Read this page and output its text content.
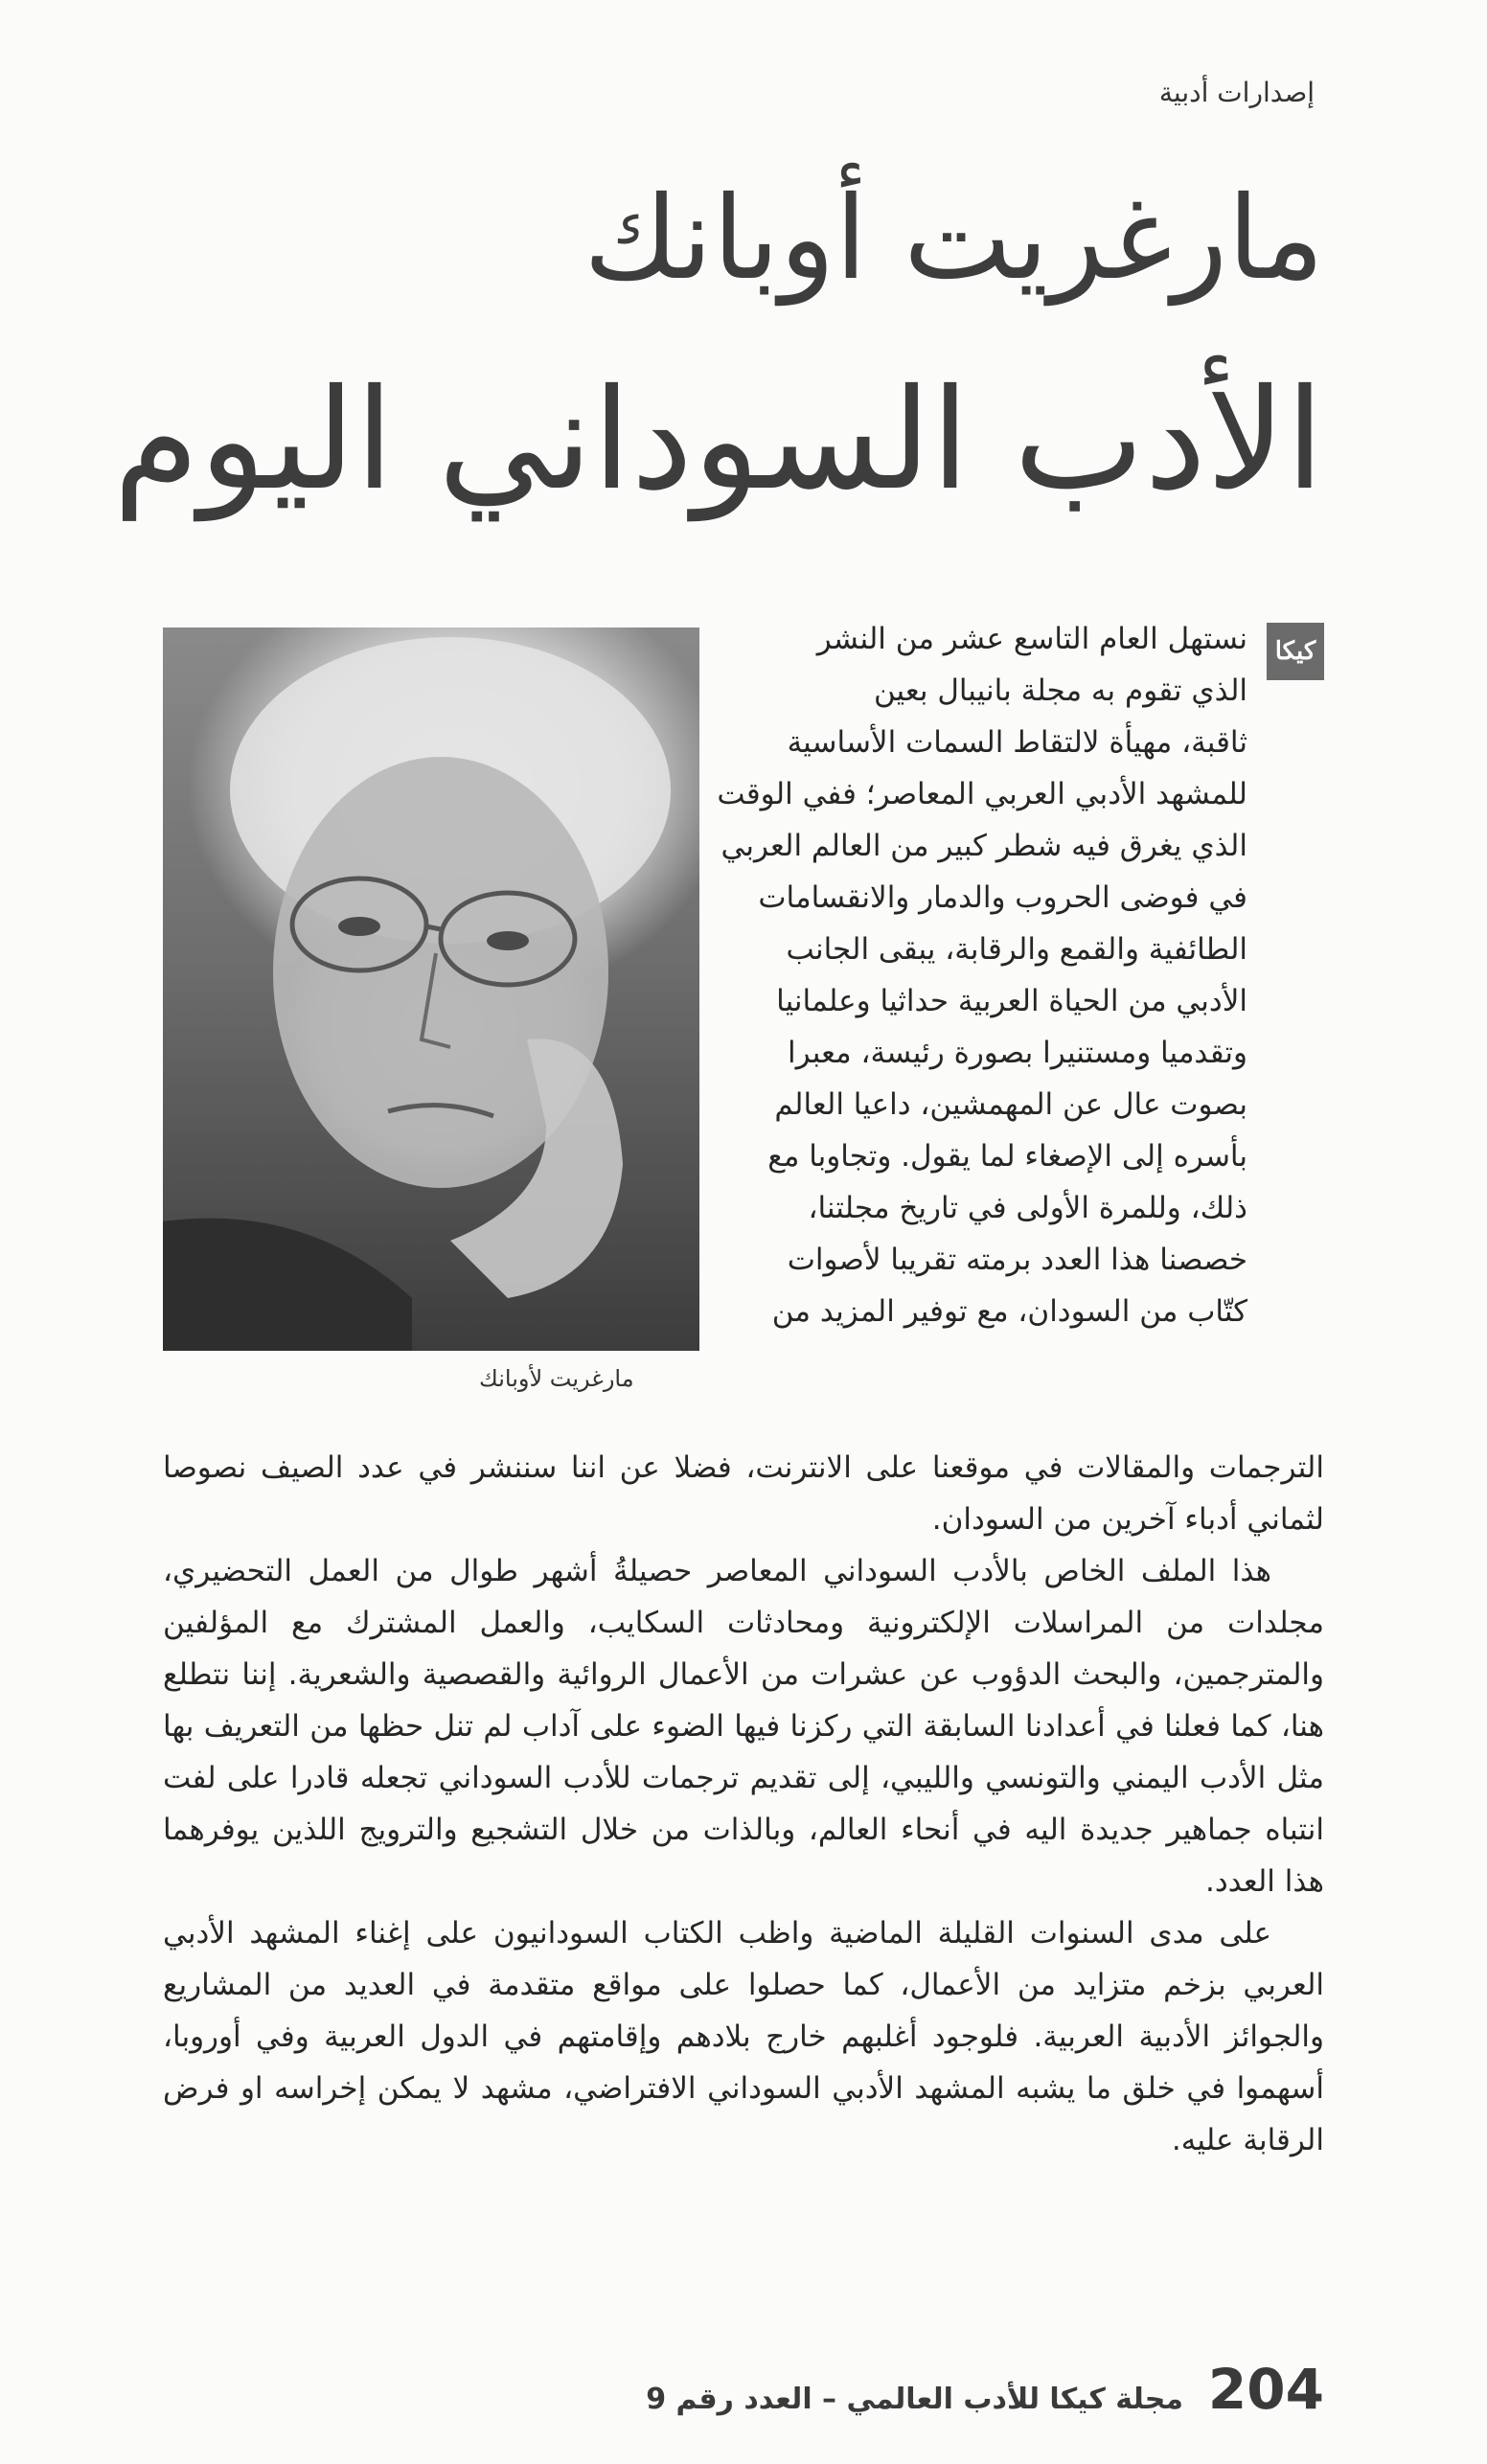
إصدارات أدبية
مارغريت أوبانك
الأدب السوداني اليوم
مارغريت لأوبانك
كيكا
نستهل العام التاسع عشر من النشر
الذي تقوم به مجلة بانيبال بعين
ثاقبة، مهيأة لالتقاط السمات الأساسية
للمشهد الأدبي العربي المعاصر؛ ففي الوقت
الذي يغرق فيه شطر كبير من العالم العربي
في فوضى الحروب والدمار والانقسامات
الطائفية والقمع والرقابة، يبقى الجانب
الأدبي من الحياة العربية حداثيا وعلمانيا
وتقدميا ومستنيرا بصورة رئيسة، معبرا
بصوت عال عن المهمشين، داعيا العالم
بأسره إلى الإصغاء لما يقول. وتجاوبا مع
ذلك، وللمرة الأولى في تاريخ مجلتنا،
خصصنا هذا العدد برمته تقريبا لأصوات
كتّاب من السودان، مع توفير المزيد من

الترجمات والمقالات في موقعنا على الانترنت، فضلا عن اننا سننشر في عدد الصيف نصوصا لثماني أدباء آخرين من السودان.

هذا الملف الخاص بالأدب السوداني المعاصر حصيلةُ أشهر طوال من العمل التحضيري، مجلدات من المراسلات الإلكترونية ومحادثات السكايب، والعمل المشترك مع المؤلفين والمترجمين، والبحث الدؤوب عن عشرات من الأعمال الروائية والقصصية والشعرية. إننا نتطلع هنا، كما فعلنا في أعدادنا السابقة التي ركزنا فيها الضوء على آداب لم تنل حظها من التعريف بها مثل الأدب اليمني والتونسي والليبي، إلى تقديم ترجمات للأدب السوداني تجعله قادرا على لفت انتباه جماهير جديدة اليه في أنحاء العالم، وبالذات من خلال التشجيع والترويج اللذين يوفرهما هذا العدد.

على مدى السنوات القليلة الماضية واظب الكتاب السودانيون على إغناء المشهد الأدبي العربي بزخم متزايد من الأعمال، كما حصلوا على مواقع متقدمة في العديد من المشاريع والجوائز الأدبية العربية. فلوجود أغلبهم خارج بلادهم وإقامتهم في الدول العربية وفي أوروبا، أسهموا في خلق ما يشبه المشهد الأدبي السوداني الافتراضي، مشهد لا يمكن إخراسه او فرض الرقابة عليه.

204
مجلة كيكا للأدب العالمي – العدد رقم 9
